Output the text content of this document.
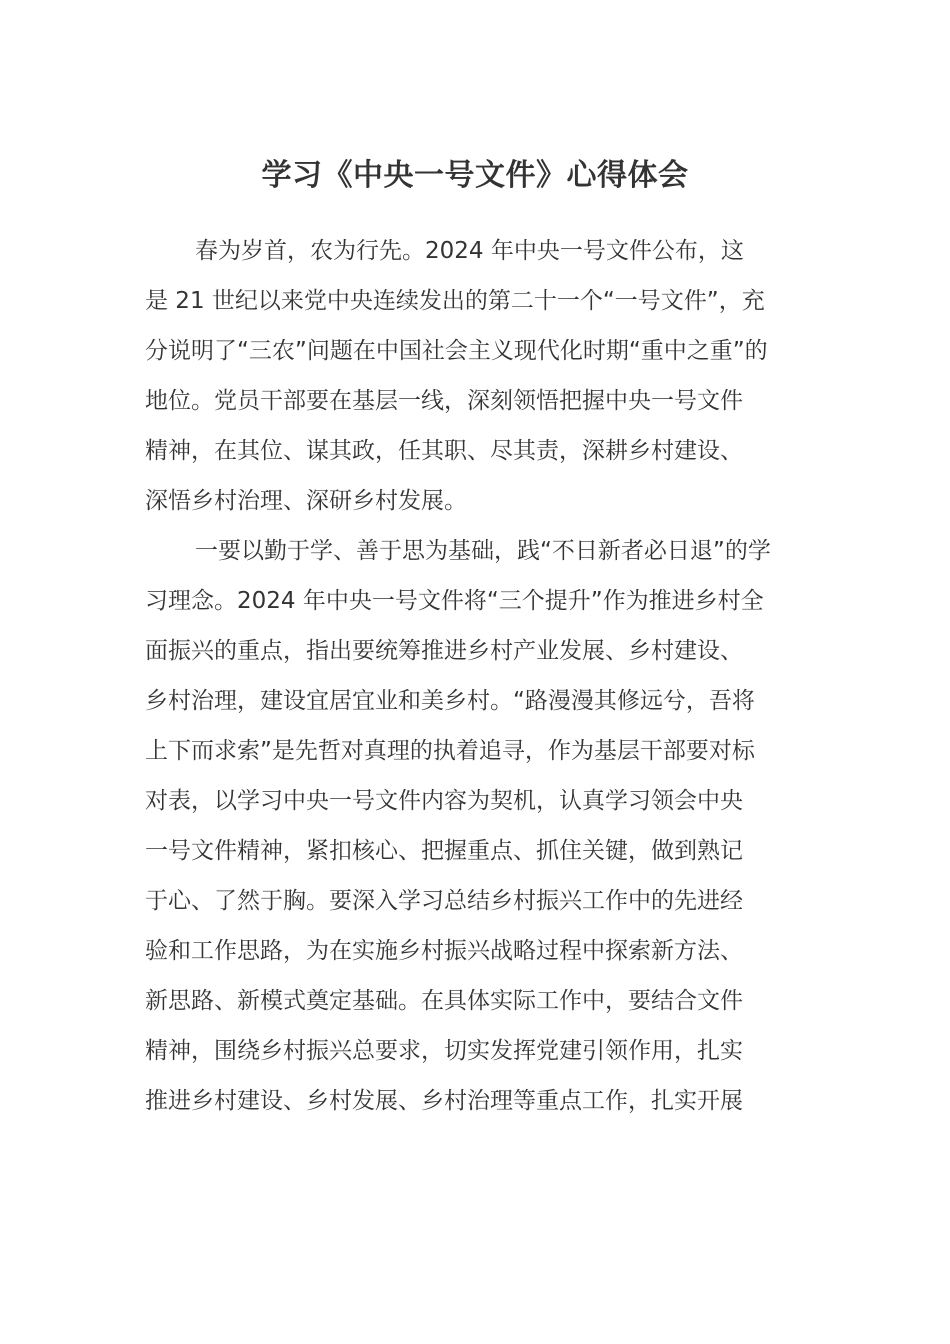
学习《中央一号文件》心得体会
春为岁首，农为行先。2024 年中央一号文件公布，这
是 21 世纪以来党中央连续发出的第二十一个“一号文件”，充
分说明了“三农”问题在中国社会主义现代化时期“重中之重”的
地位。党员干部要在基层一线，深刻领悟把握中央一号文件
精神，在其位、谋其政，任其职、尽其责，深耕乡村建设、
深悟乡村治理、深研乡村发展。
一要以勤于学、善于思为基础，践“不日新者必日退”的学
习理念。2024 年中央一号文件将“三个提升”作为推进乡村全
面振兴的重点，指出要统筹推进乡村产业发展、乡村建设、
乡村治理，建设宜居宜业和美乡村。“路漫漫其修远兮，吾将
上下而求索”是先哲对真理的执着追寻，作为基层干部要对标
对表，以学习中央一号文件内容为契机，认真学习领会中央
一号文件精神，紧扣核心、把握重点、抓住关键，做到熟记
于心、了然于胸。要深入学习总结乡村振兴工作中的先进经
验和工作思路，为在实施乡村振兴战略过程中探索新方法、
新思路、新模式奠定基础。在具体实际工作中，要结合文件
精神，围绕乡村振兴总要求，切实发挥党建引领作用，扎实
推进乡村建设、乡村发展、乡村治理等重点工作，扎实开展
